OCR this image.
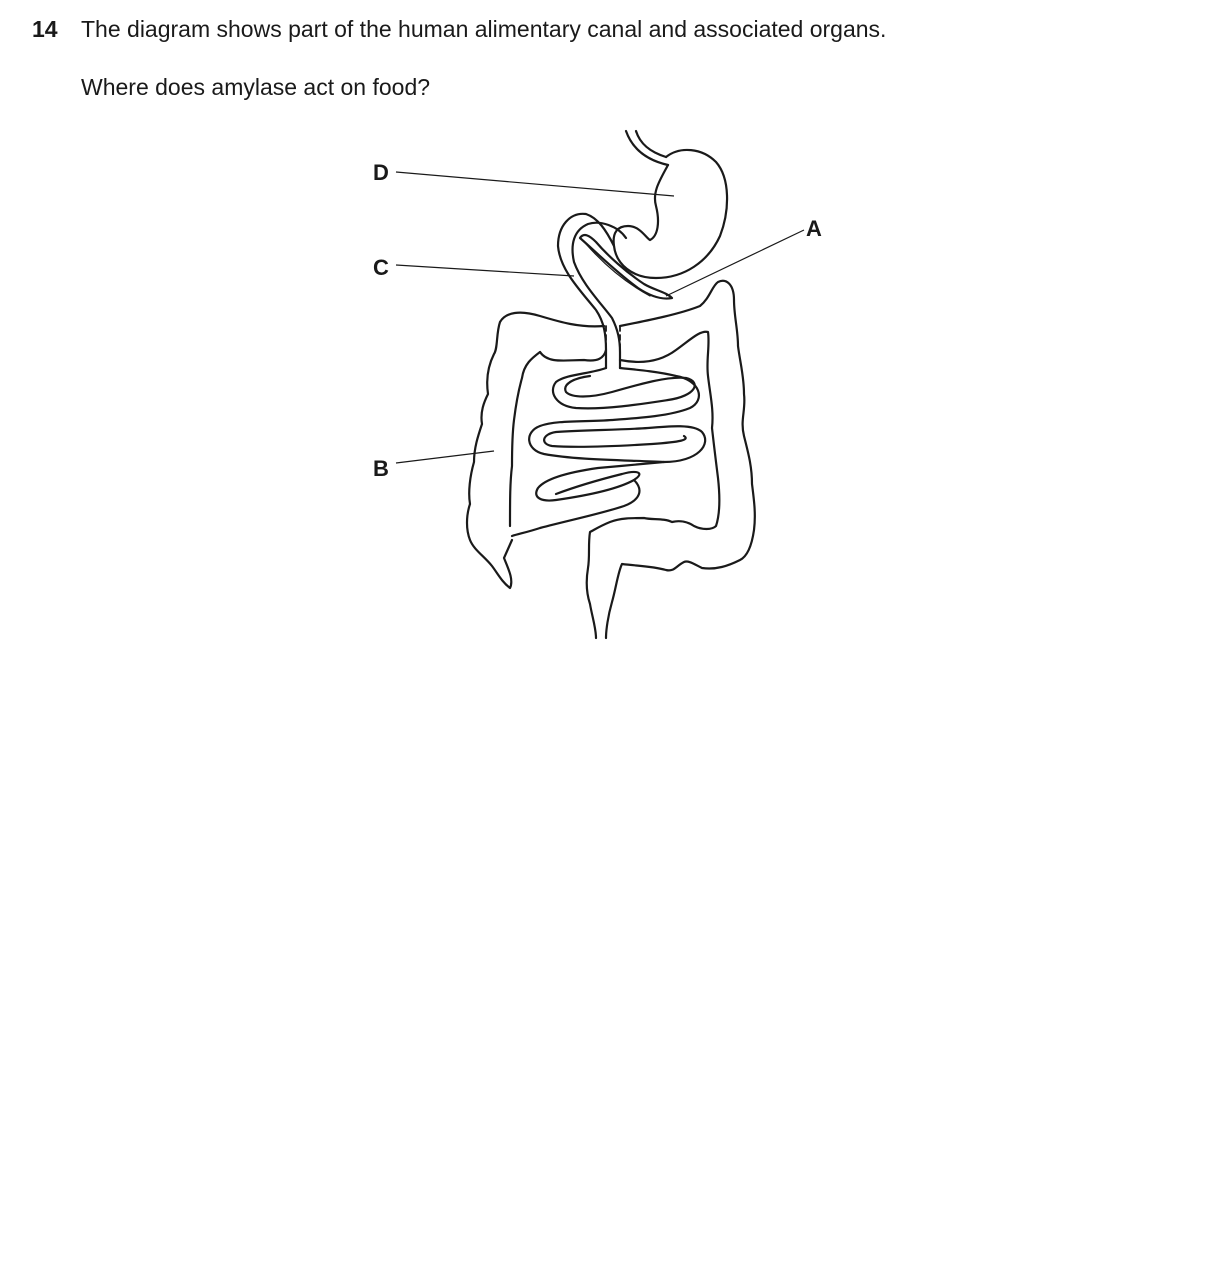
14 The diagram shows part of the human alimentary canal and associated organs.
Where does amylase act on food?
D
C
B
A
